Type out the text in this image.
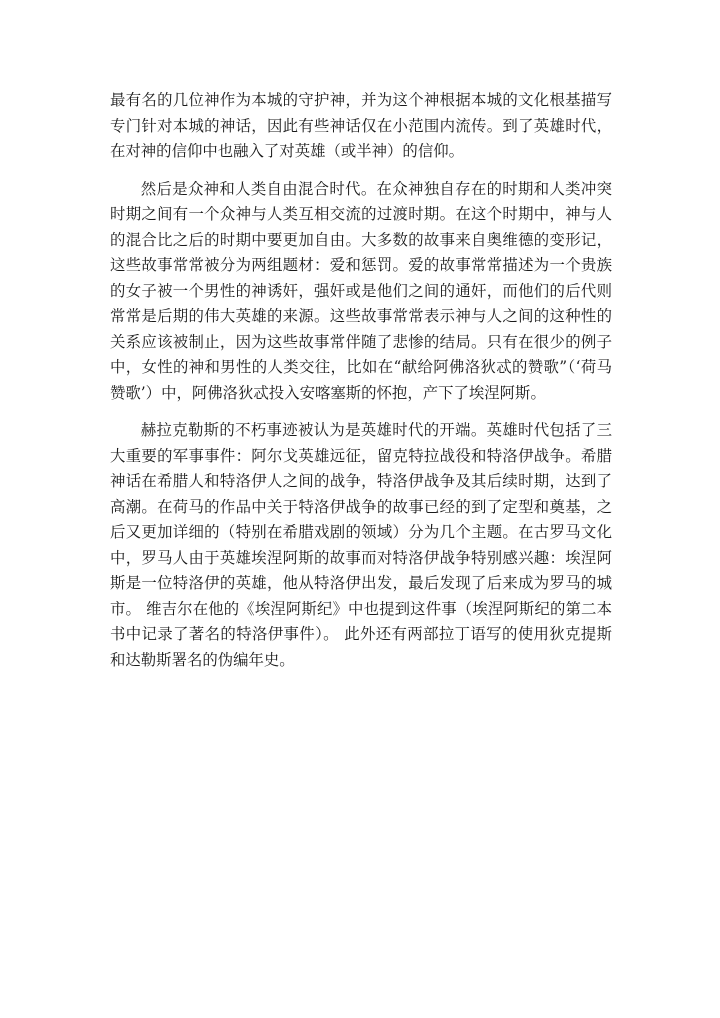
最有名的几位神作为本城的守护神，并为这个神根据本城的文化根基描写专门针对本城的神话，因此有些神话仅在小范围内流传。到了英雄时代，在对神的信仰中也融入了对英雄（或半神）的信仰。

然后是众神和人类自由混合时代。在众神独自存在的时期和人类冲突时期之间有一个众神与人类互相交流的过渡时期。在这个时期中，神与人的混合比之后的时期中要更加自由。大多数的故事来自奥维德的变形记，这些故事常常被分为两组题材：爱和惩罚。爱的故事常常描述为一个贵族的女子被一个男性的神诱奸，强奸或是他们之间的通奸，而他们的后代则常常是后期的伟大英雄的来源。这些故事常常表示神与人之间的这种性的关系应该被制止，因为这些故事常伴随了悲惨的结局。只有在很少的例子中，女性的神和男性的人类交往，比如在“献给阿佛洛狄忒的赞歌”（‘荷马赞歌’）中，阿佛洛狄忒投入安喀塞斯的怀抱，产下了埃涅阿斯。

赫拉克勒斯的不朽事迹被认为是英雄时代的开端。英雄时代包括了三大重要的军事事件：阿尔戈英雄远征，留克特拉战役和特洛伊战争。希腊神话在希腊人和特洛伊人之间的战争，特洛伊战争及其后续时期，达到了高潮。在荷马的作品中关于特洛伊战争的故事已经的到了定型和奠基，之后又更加详细的（特别在希腊戏剧的领域）分为几个主题。在古罗马文化中，罗马人由于英雄埃涅阿斯的故事而对特洛伊战争特别感兴趣：埃涅阿斯是一位特洛伊的英雄，他从特洛伊出发，最后发现了后来成为罗马的城市。 维吉尔在他的《埃涅阿斯纪》中也提到这件事（埃涅阿斯纪的第二本书中记录了著名的特洛伊事件）。 此外还有两部拉丁语写的使用狄克提斯和达勒斯署名的伪编年史。
